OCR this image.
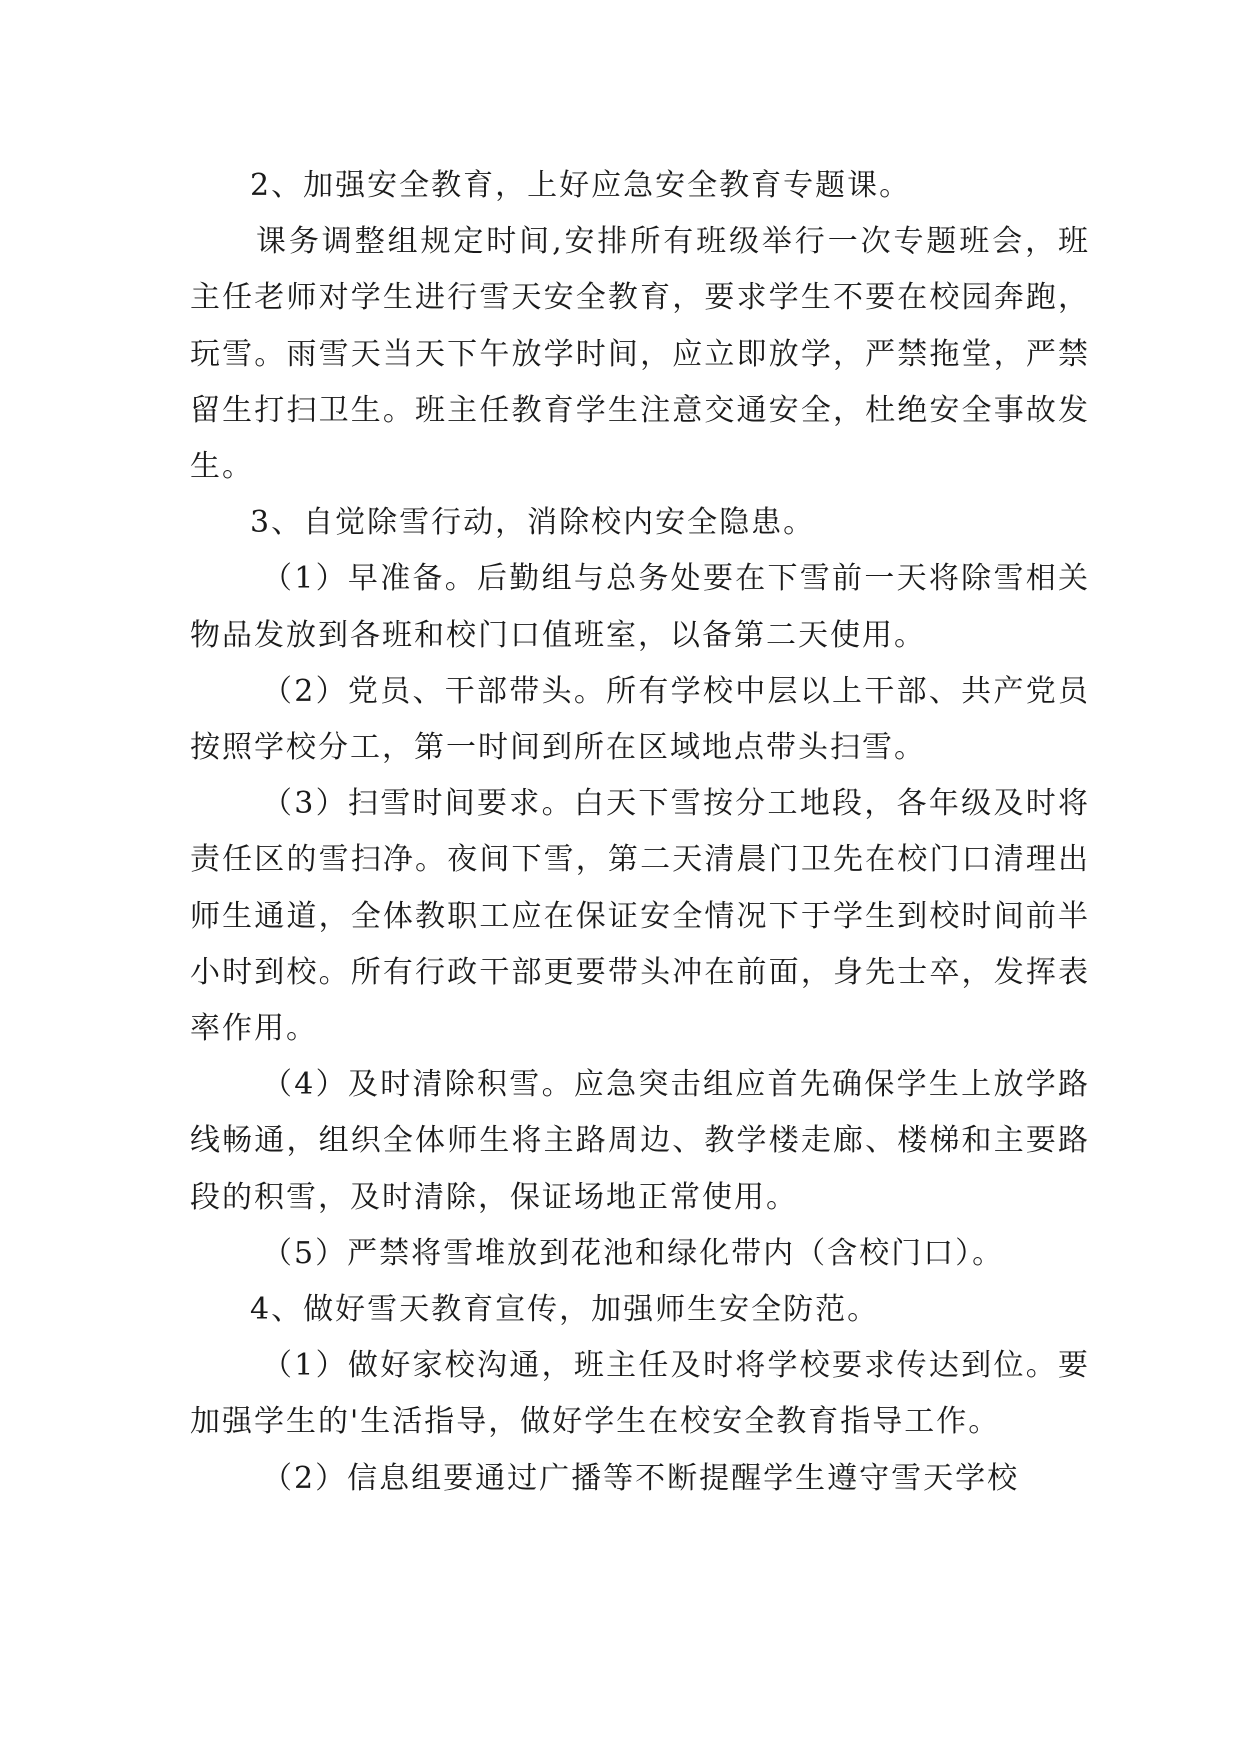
2、加强安全教育，上好应急安全教育专题课。

课务调整组规定时间,安排所有班级举行一次专题班会，班主任老师对学生进行雪天安全教育，要求学生不要在校园奔跑，玩雪。雨雪天当天下午放学时间，应立即放学，严禁拖堂，严禁留生打扫卫生。班主任教育学生注意交通安全，杜绝安全事故发生。

3、自觉除雪行动，消除校内安全隐患。

（1）早准备。后勤组与总务处要在下雪前一天将除雪相关物品发放到各班和校门口值班室，以备第二天使用。

（2）党员、干部带头。所有学校中层以上干部、共产党员按照学校分工，第一时间到所在区域地点带头扫雪。

（3）扫雪时间要求。白天下雪按分工地段，各年级及时将责任区的雪扫净。夜间下雪，第二天清晨门卫先在校门口清理出师生通道，全体教职工应在保证安全情况下于学生到校时间前半小时到校。所有行政干部更要带头冲在前面，身先士卒，发挥表率作用。

（4）及时清除积雪。应急突击组应首先确保学生上放学路线畅通，组织全体师生将主路周边、教学楼走廊、楼梯和主要路段的积雪，及时清除，保证场地正常使用。

（5）严禁将雪堆放到花池和绿化带内（含校门口）。

4、做好雪天教育宣传，加强师生安全防范。

（1）做好家校沟通，班主任及时将学校要求传达到位。要加强学生的'生活指导，做好学生在校安全教育指导工作。

（2）信息组要通过广播等不断提醒学生遵守雪天学校
